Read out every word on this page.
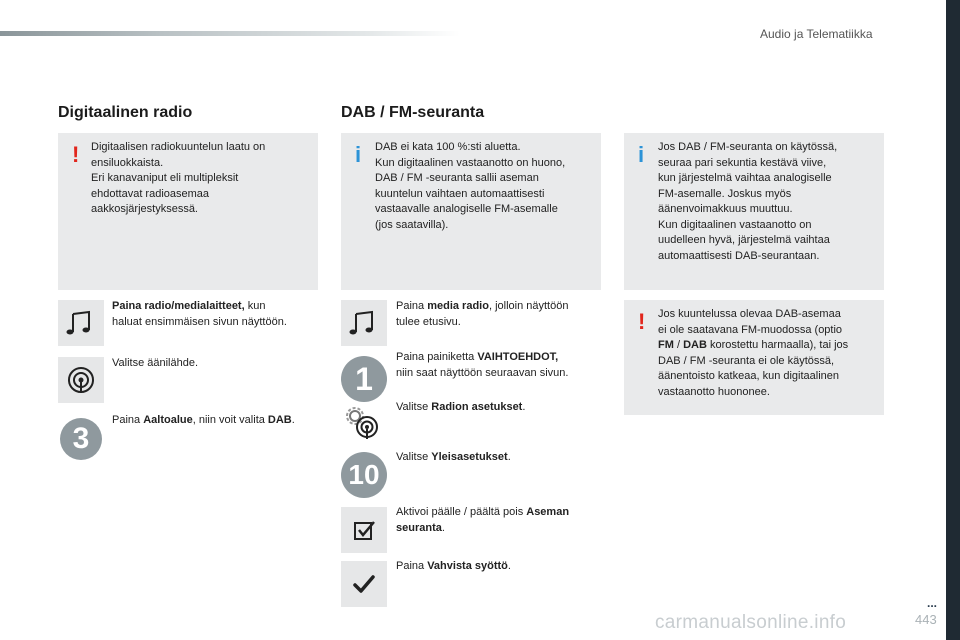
Audio ja Telematiikka
Digitaalinen radio
! Digitaalisen radiokuuntelun laatu on
ensiluokkaista.
Eri kanavaniput eli multipleksit
ehdottavat radioasemaa
aakkosjärjestyksessä.
Paina radio/medialaitteet, kun
haluat ensimmäisen sivun näyttöön.
Valitse äänilähde.
3
Paina Aaltoalue, niin voit valita DAB.
DAB / FM-seuranta
i DAB ei kata 100 %:sti aluetta.
Kun digitaalinen vastaanotto on huono,
DAB / FM -seuranta sallii aseman
kuuntelun vaihtaen automaattisesti
vastaavalle analogiselle FM-asemalle
(jos saatavilla).
Paina media radio, jolloin näyttöön
tulee etusivu.
1
Paina painiketta VAIHTOEHDOT,
niin saat näyttöön seuraavan sivun.
Valitse Radion asetukset.
10
Valitse Yleisasetukset.
Aktivoi päälle / päältä pois Aseman
seuranta.
Paina Vahvista syöttö.
i Jos DAB / FM-seuranta on käytössä,
seuraa pari sekuntia kestävä viive,
kun järjestelmä vaihtaa analogiselle
FM-asemalle. Joskus myös
äänenvoimakkuus muuttuu.
Kun digitaalinen vastaanotto on
uudelleen hyvä, järjestelmä vaihtaa
automaattisesti DAB-seurantaan.
! Jos kuuntelussa olevaa DAB-asemaa
ei ole saatavana FM-muodossa (optio
FM / DAB korostettu harmaalla), tai jos
DAB / FM -seuranta ei ole käytössä,
äänentoisto katkeaa, kun digitaalinen
vastaanotto huononee.
...
carmanualsonline.info	443
